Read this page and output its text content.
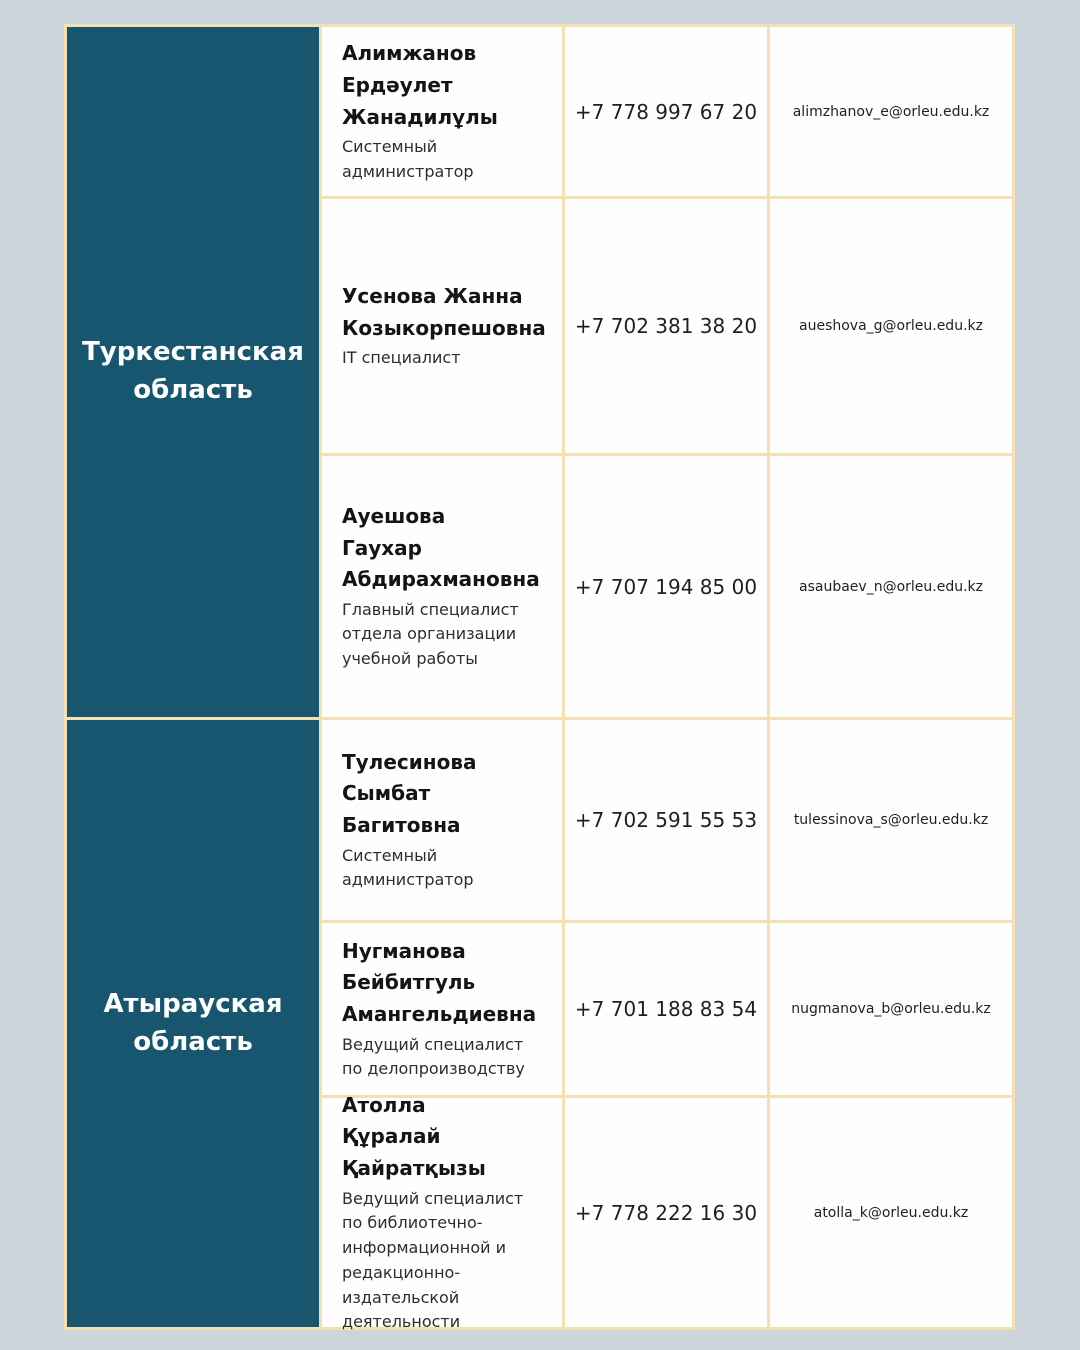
Туркестанская область
Алимжанов Ердәулет Жанадилұлы
Системный администратор
+7 778 997 67 20	alimzhanov_e@orleu.edu.kz
Усенова Жанна Козыкорпешовна
IT специалист
+7 702 381 38 20	aueshova_g@orleu.edu.kz
Ауешова Гаухар Абдирахмановна
Главный специалист отдела организации учебной работы
+7 707 194 85 00	asaubaev_n@orleu.edu.kz
Атырауская область
Тулесинова Сымбат Багитовна
Системный администратор
+7 702 591 55 53	tulessinova_s@orleu.edu.kz
Нугманова Бейбитгуль Амангельдиевна
Ведущий специалист по делопроизводству
+7 701 188 83 54 nugmanova_b@orleu.edu.kz
Атолла Құралай Қайратқызы
Ведущий специалист по библиотечно-информационной и редакционно-издательской деятельности
+7 778 222 16 30	atolla_k@orleu.edu.kz
